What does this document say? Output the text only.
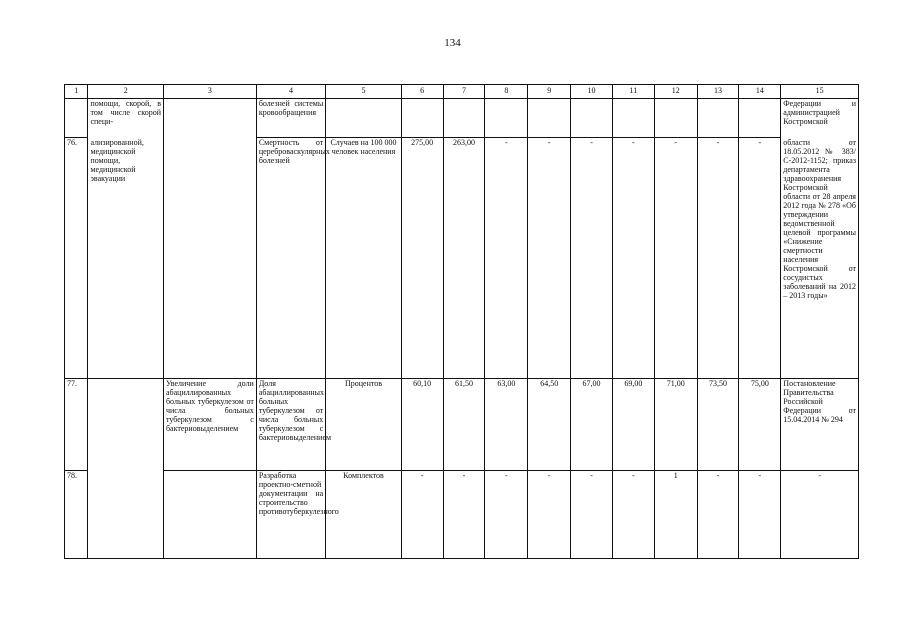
134
1	2	3	4	5	6	7	8	9	10	11	12	13	14	15
	помощи, скорой, в том числе скорой специ-		болезней системы кровообращения											Федерации и администрацией Костромской
76.	ализированной, медицинской помощи, медицинской эвакуации		Смертность от цереброваскулярных болезней	Случаев на 100 000 человек населения	275,00	263,00	-	-	-	-	-	-	-	области от 18.05.2012 № 383/С-2012-1152; приказ департамента здравоохранения Костромской области от 28 апреля 2012 года № 278 «Об утверждении ведомственной целевой программы «Снижение смертности населения Костромской от сосудистых заболеваний на 2012 – 2013 годы»
77.		Увеличение доли абациллированных больных туберкулезом от числа больных туберкулезом с бактериовыделением	Доля абациллированных больных туберкулезом от числа больных туберкулезом с бактериовыделением	Процентов	60,10	61,50	63,00	64,50	67,00	69,00	71,00	73,50	75,00	Постановление Правительства Российской Федерации от 15.04.2014 № 294
78.			Разработка проектно-сметной документации на строительство противотуберкулезного	Комплектов	-	-	-	-	-	-	1	-	-	-
